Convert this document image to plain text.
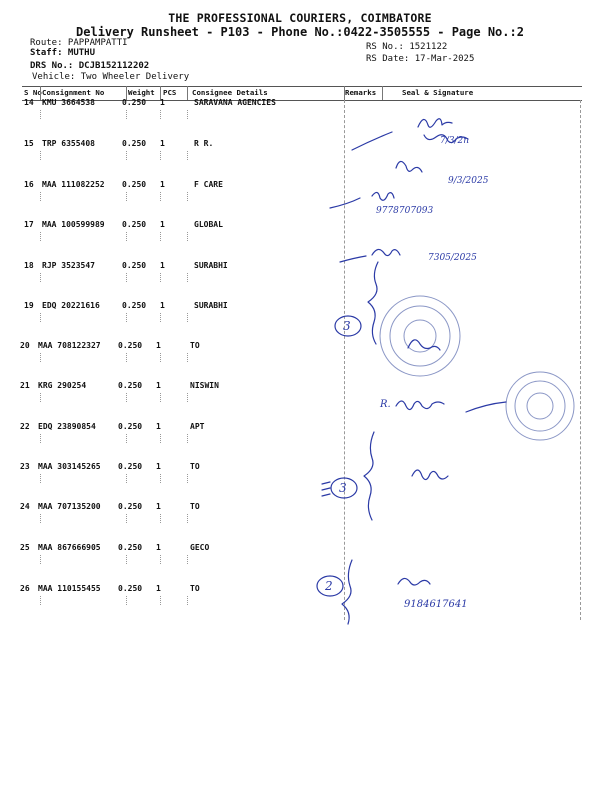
THE PROFESSIONAL COURIERS, COIMBATORE
Delivery Runsheet - P103 - Phone No.:0422-3505555 - Page No.:2
Route: PAPPAMPATTI
Staff: MUTHU
DRS No.: DCJB152112202
Vehicle: Two Wheeler Delivery
RS No.: 1521122
RS Date: 17-Mar-2025
S No Consignment No	Weight PCS Consignee Details	Remarks	Seal & Signature
14 KMU 3664538	0.250 1	SARAVANA AGENCIES
15 TRP 6355408	0.250 1	R R.
16 MAA 111082252 0.250 1	F CARE
17 MAA 100599989 0.250 1	GLOBAL
18 RJP 3523547	0.250 1	SURABHI
19 EDQ 20221616	0.250 1	SURABHI
20 MAA 708122327 0.250 1	TO
21 KRG 290254	0.250 1	NISWIN
22 EDQ 23890854	0.250 1	APT
23 MAA 303145265 0.250 1	TO
24 MAA 707135200 0.250 1	TO
25 MAA 867666905 0.250 1	GECO
26 MAA 110155455 0.250 1	TO
7/3/2n
9/3/2025
9778707093
7305/2025
3
R.
3
2
9184617641
